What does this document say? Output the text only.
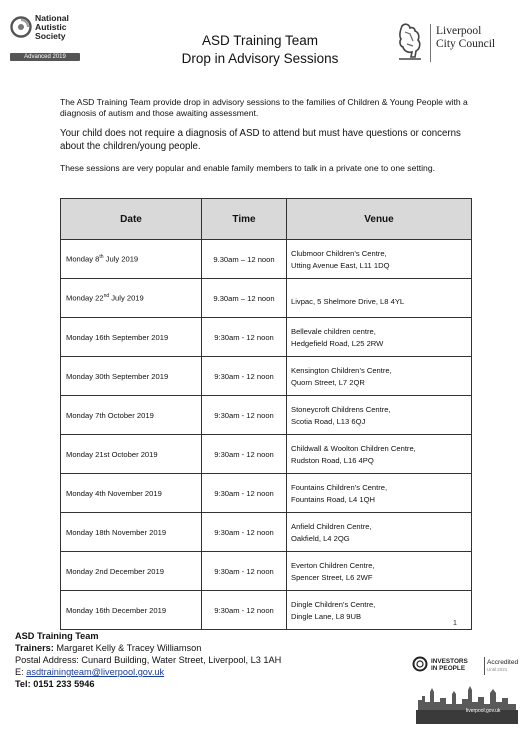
National
Autistic
Society
Advanced 2019
ASD Training Team
Drop in Advisory Sessions
Liverpool
City Council
The ASD Training Team provide drop in advisory sessions to the families of Children & Young People with a diagnosis of autism and those awaiting assessment.
Your child does not require a diagnosis of ASD to attend but must have questions or concerns about the children/young people.
These sessions are very popular and enable family members to talk in a private one to one setting.
Date	Time	Venue
Monday 8th July 2019	9.30am – 12 noon	Clubmoor Children’s Centre,
Utting Avenue East, L11 1DQ

Monday 22nd July 2019	9.30am – 12 noon	Livpac, 5 Shelmore Drive, L8 4YL

Monday 16th September 2019	9:30am - 12 noon	Bellevale children centre,
Hedgefield Road, L25 2RW

Monday 30th September 2019	9:30am - 12 noon	Kensington Children’s Centre,
Quorn Street, L7 2QR

Monday 7th October 2019	9:30am - 12 noon	Stoneycroft Childrens Centre,
Scotia Road, L13 6QJ

Monday 21st October 2019	9:30am - 12 noon	Childwall & Woolton Children Centre,
Rudston Road, L16 4PQ

Monday 4th November 2019	9:30am - 12 noon	Fountains Children’s Centre,
Fountains Road, L4 1QH

Monday 18th November 2019	9:30am - 12 noon	Anfield Children Centre,
Oakfield, L4 2QG

Monday 2nd December 2019	9:30am - 12 noon	Everton Children Centre,
Spencer Street, L6 2WF

Monday 16th December 2019	9:30am - 12 noon	Dingle Children’s Centre,
Dingle Lane, L8 9UB
1
ASD Training Team
Trainers: Margaret Kelly & Tracey Williamson
Postal Address: Cunard Building, Water Street, Liverpool, L3 1AH
E: asdtrainingteam@liverpool.gov.uk
Tel: 0151 233 5946
INVESTORS
IN PEOPLE
Accredited
Until 2021
liverpool.gov.uk
